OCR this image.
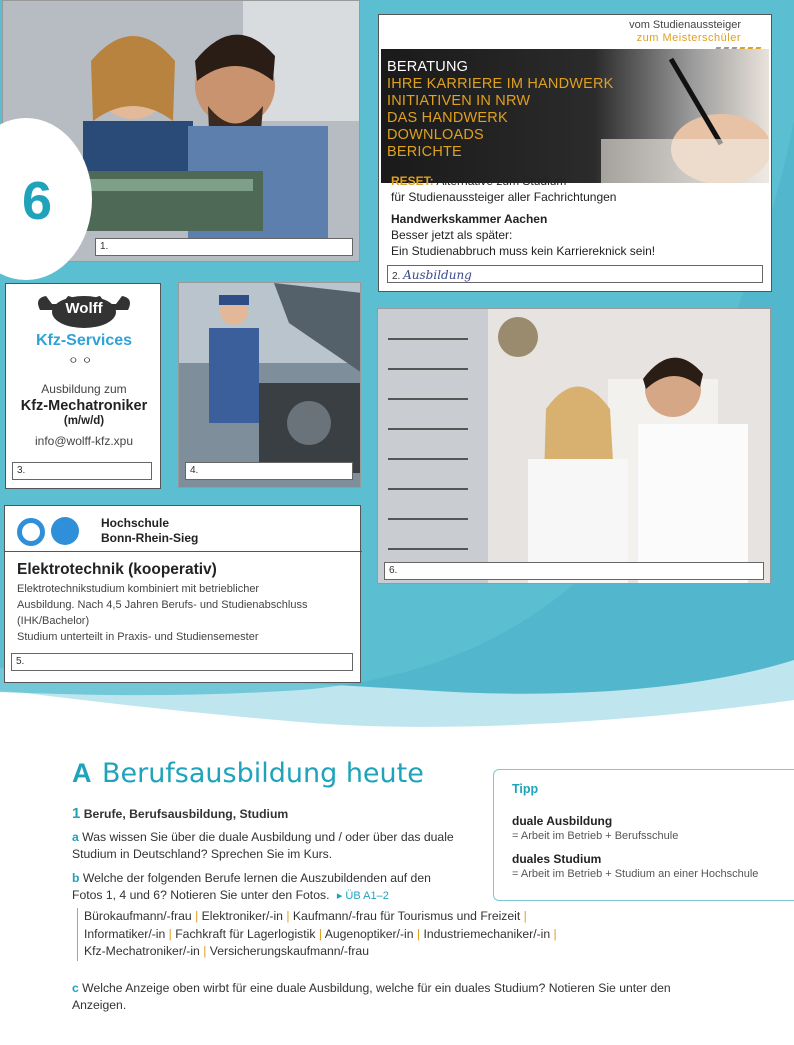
6
1.
vom Studienaussteiger
zum Meisterschüler
BERATUNG
IHRE KARRIERE IM HANDWERK
INITIATIVEN IN NRW
DAS HANDWERK
DOWNLOADS
BERICHTE
RESET: Alternative zum Studium
für Studienaussteiger aller Fachrichtungen
Handwerkskammer Aachen
Besser jetzt als später:
Ein Studienabbruch muss kein Karriereknick sein!
2. Ausbildung
Wolff
Kfz-Services
ㅇ ㅇ
Ausbildung zum
Kfz-Mechatroniker
(m/w/d)
info@wolff-kfz.xpu
3.	4.
6.
Hochschule
Bonn-Rhein-Sieg
Elektrotechnik (kooperativ)
Elektrotechnikstudium kombiniert mit betrieblicher
Ausbildung. Nach 4,5 Jahren Berufs- und Studienabschluss
(IHK/Bachelor)
Studium unterteilt in Praxis- und Studiensemester
5.
A Berufsausbildung heute
1 Berufe, Berufsausbildung, Studium
a Was wissen Sie über die duale Ausbildung und / oder über das duale
Studium in Deutschland? Sprechen Sie im Kurs.
b Welche der folgenden Berufe lernen die Auszubildenden auf den
Fotos 1, 4 und 6? Notieren Sie unter den Fotos. ▸ ÜB A1–2
Bürokaufmann/-frau | Elektroniker/-in | Kaufmann/-frau für Tourismus und Freizeit |
Informatiker/-in | Fachkraft für Lagerlogistik | Augenoptiker/-in | Industriemechaniker/-in |
Kfz-Mechatroniker/-in | Versicherungskaufmann/-frau
c Welche Anzeige oben wirbt für eine duale Ausbildung, welche für ein duales Studium? Notieren Sie unter den
Anzeigen.
Tipp
duale Ausbildung
= Arbeit im Betrieb + Berufsschule
duales Studium
= Arbeit im Betrieb + Studium an einer Hochschule
